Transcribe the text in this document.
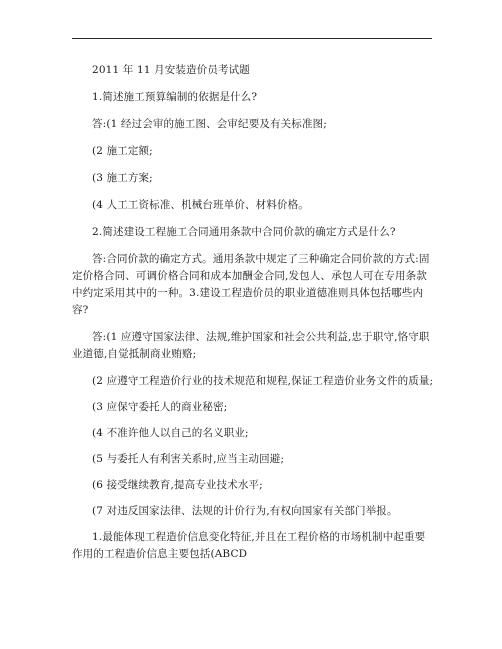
2011 年 11 月安装造价员考试题

1.简述施工预算编制的依据是什么?

答:(1 经过会审的施工图、会审纪要及有关标准图;

(2 施工定额;

(3 施工方案;

(4 人工工资标准、机械台班单价、材料价格。

2.简述建设工程施工合同通用条款中合同价款的确定方式是什么?

答:合同价款的确定方式。通用条款中规定了三种确定合同价款的方式:固定价格合同、可调价格合同和成本加酬金合同,发包人、承包人可在专用条款中约定采用其中的一种。3.建设工程造价员的职业道德准则具体包括哪些内容?

答:(1 应遵守国家法律、法规,维护国家和社会公共利益,忠于职守,恪守职业道德,自觉抵制商业贿赂;

(2 应遵守工程造价行业的技术规范和规程,保证工程造价业务文件的质量;

(3 应保守委托人的商业秘密;

(4 不准许他人以自己的名义职业;

(5 与委托人有利害关系时,应当主动回避;

(6 接受继续教育,提高专业技术水平;

(7 对违反国家法律、法规的计价行为,有权向国家有关部门举报。

1.最能体现工程造价信息变化特征,并且在工程价格的市场机制中起重要作用的工程造价信息主要包括(ABCD
